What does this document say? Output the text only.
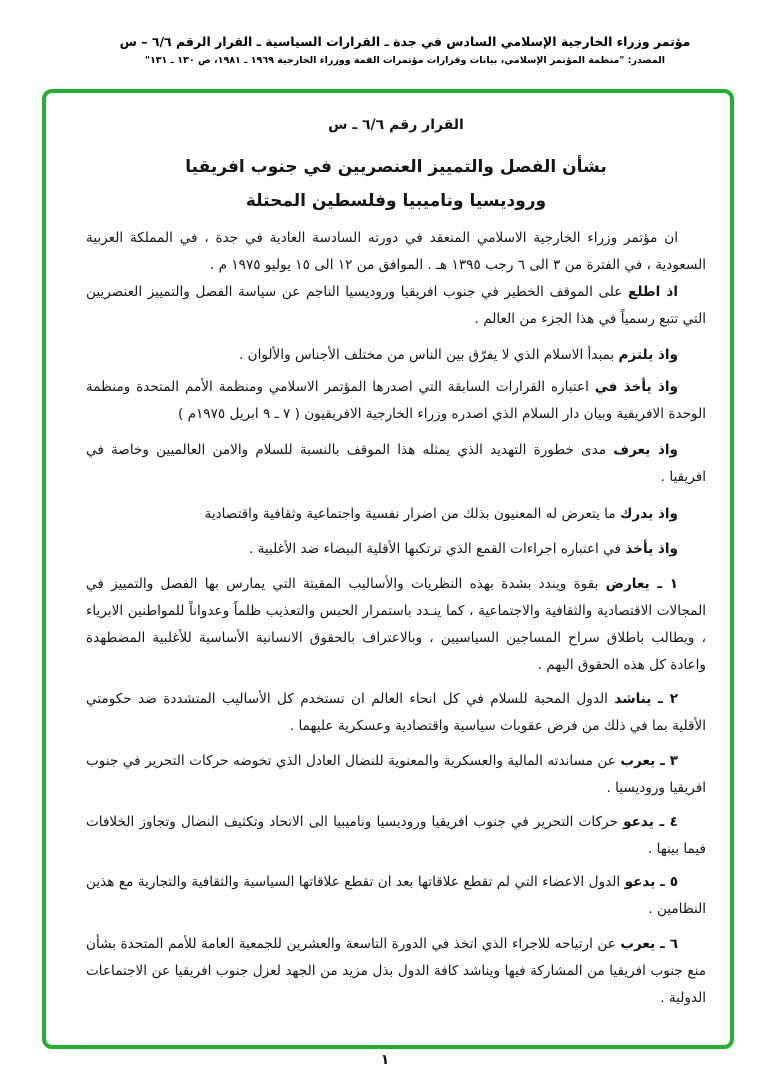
مؤتمر وزراء الخارجية الإسلامي السادس في جدة ـ القرارات السياسية ـ القرار الرقم ٦/٦ – س
المصدر: "منظمة المؤتمر الإسلامي، بيانات وقرارات مؤتمرات القمة ووزراء الخارجية ١٩٦٩ ـ ١٩٨١، ص ١٣٠ ـ ١٣١"
القرار رقم ٦/٦ ـ س
بشأن الفصل والتمييز العنصريين في جنوب افريقيا وروديسيا وناميبيا وفلسطين المحتلة
ان مؤتمر وزراء الخارجية الاسلامي المنعقد في دورته السادسة العادية في جدة ، في المملكة العربية السعودية ، في الفترة من ٣ الى ٦ رجب ١٣٩٥ هـ . الموافق من ١٢ الى ١٥ يوليو ١٩٧٥ م .
اذ اطلع على الموقف الخطير في جنوب افريقيا وروديسيا الناجم عن سياسة الفصل والتمييز العنصريين التي تتبع رسمياً في هذا الجزء من العالم .
واذ يلتزم بمبدأ الاسلام الذي لا يفرّق بين الناس من مختلف الأجناس والألوان .
واذ يأخذ في اعتباره القرارات السابقة التي اصدرها المؤتمر الاسلامي ومنظمة الأمم المتحدة ومنظمة الوحدة الافريقية وبيان دار السلام الذي اصدره وزراء الخارجية الافريقيون ( ٧ ـ ٩ ابريل ١٩٧٥م )
واذ يعرف مدى خطورة التهديد الذي يمثله هذا الموقف بالنسبة للسلام والامن العالميين وخاصة في افريقيا .
واذ يدرك ما يتعرض له المعنيون بذلك من اضرار نفسية واجتماعية وثقافية واقتصادية
واذ يأخذ في اعتباره اجراءات القمع الذي ترتكبها الأقلية البيضاء ضد الأغلبية .
١ ـ يعارض بقوة ويندد بشدة بهذه النظريات والأساليب المقيتة التي يمارس بها الفصل والتمييز في المجالات الاقتصادية والثقافية والاجتماعية ، كما ينـدد باستمرار الحبس والتعذيب ظلماً وعدواناً للمواطنين الابرياء ، ويطالب باطلاق سراح المساجين السياسيين ، وبالاعتراف بالحقوق الانسانية الأساسية للأغلبية المضطهدة واعادة كل هذه الحقوق اليهم .
٢ ـ يناشد الدول المحبة للسلام في كل انحاء العالم ان تستخدم كل الأساليب المتشددة ضد حكومتي الأقلية بما في ذلك من فرض عقوبات سياسية واقتصادية وعسكرية عليهما .
٣ ـ يعرب عن مساندته المالية والعسكرية والمعنوية للنضال العادل الذي تخوضه حركات التحرير في جنوب افريقيا وروديسيا .
٤ ـ يدعو حركات التحرير في جنوب افريقيا وروديسيا وناميبيا الى الاتحاد وتكثيف النضال وتجاوز الخلافات فيما بينها .
٥ ـ يدعو الدول الاعضاء التي لم تقطع علاقاتها بعد ان تقطع علاقاتها السياسية والثقافية والتجارية مع هذين النظامين .
٦ ـ يعرب عن ارتياحه للاجراء الذي اتخذ في الدورة التاسعة والعشرين للجمعية العامة للأمم المتحدة بشأن منع جنوب افريقيا من المشاركة فيها ويناشد كافة الدول بذل مزيد من الجهد لعزل جنوب افريقيا عن الاجتماعات الدولية .
١
